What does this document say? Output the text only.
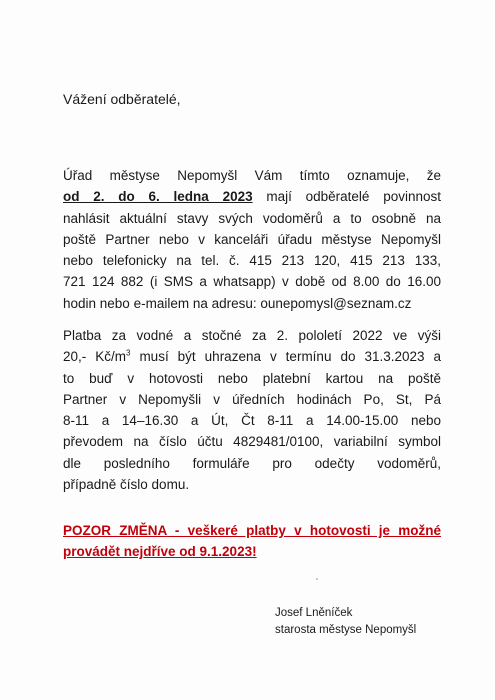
Vážení odběratelé,
Úřad městyse Nepomyšl Vám tímto oznamuje, že
od 2. do 6. ledna 2023 mají odběratelé povinnost
nahlásit aktuální stavy svých vodoměrů a to osobně na
poště Partner nebo v kanceláři úřadu městyse Nepomyšl
nebo telefonicky na tel. č. 415 213 120, 415 213 133,
721 124 882 (i SMS a whatsapp) v době od 8.00 do 16.00
hodin nebo e-mailem na adresu: ounepomysl@seznam.cz
Platba za vodné a stočné za 2. pololetí 2022 ve výši
20,- $Kč/m^3$ musí být uhrazena v termínu do 31.3.2023 a
to buď v hotovosti nebo platební kartou na poště
Partner v Nepomyšli v úředních hodinách Po, St, Pá
8-11 a 14–16.30 a Út, Čt 8-11 a 14.00-15.00 nebo
převodem na číslo účtu 4829481/0100, variabilní symbol
dle posledního formuláře pro odečty vodoměrů,
případně číslo domu.
POZOR ZMĚNA - veškeré platby v hotovosti je možné
provádět nejdříve od 9.1.2023!
Josef Lněníček
starosta městyse Nepomyšl
